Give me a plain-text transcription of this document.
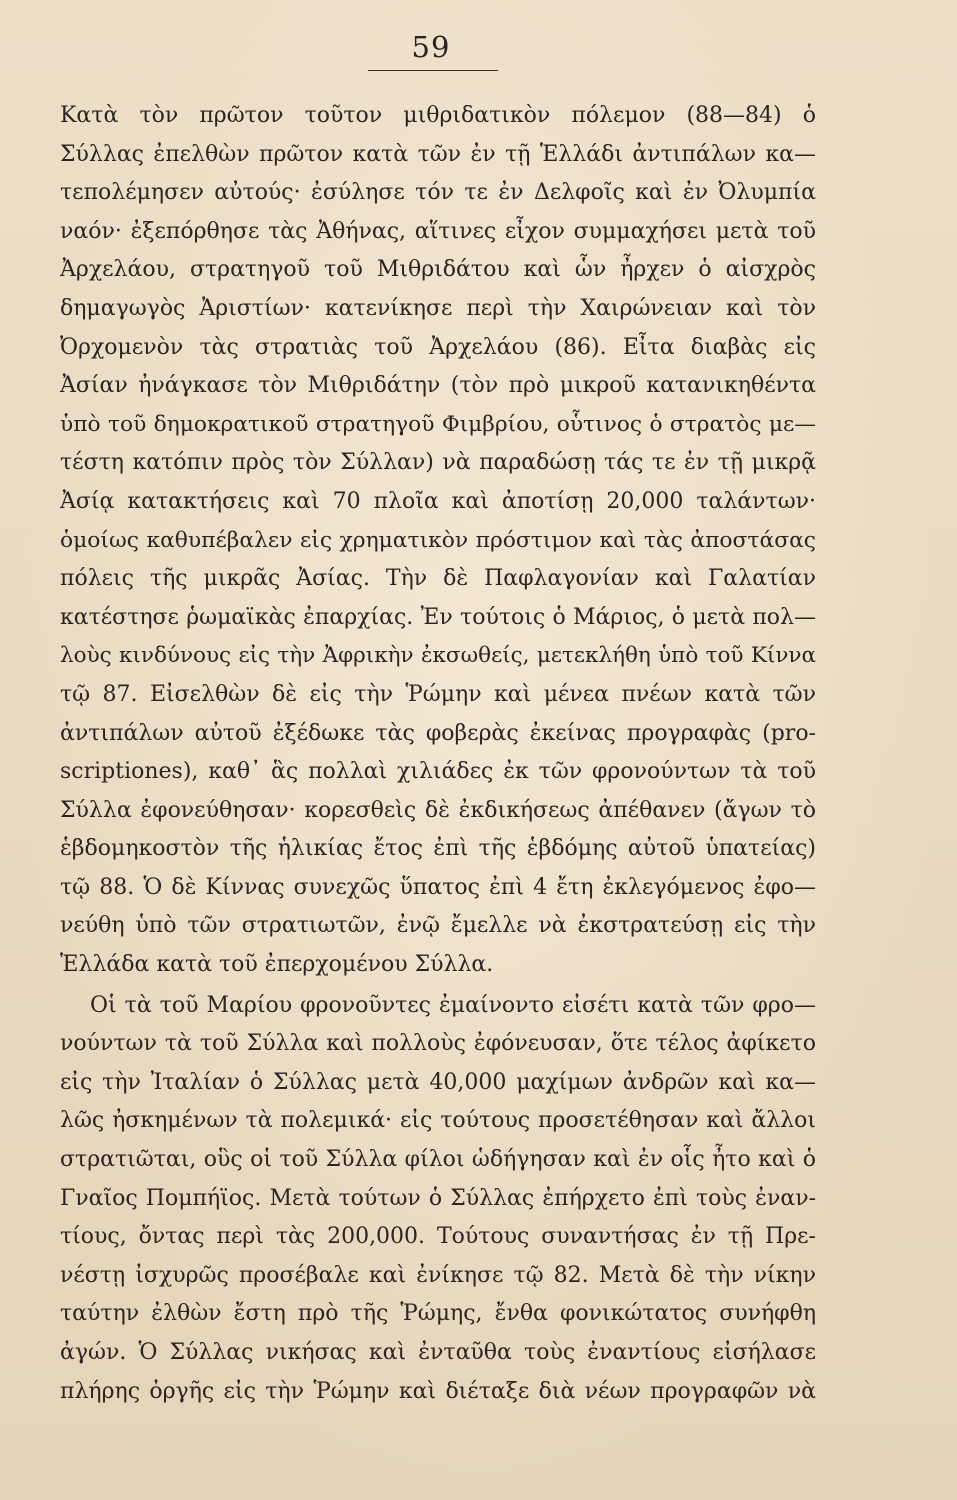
59
Κατὰ τὸν πρῶτον τοῦτον μιθριδατικὸν πόλεμον (88—84) ὁ
Σύλλας ἐπελθὼν πρῶτον κατὰ τῶν ἐν τῇ Ἑλλάδι ἀντιπάλων κα—
τεπολέμησεν αὐτούς· ἐσύλησε τόν τε ἐν Δελφοῖς καὶ ἐν Ὀλυμπία
ναόν· ἐξεπόρθησε τὰς Ἀθήνας, αἵτινες εἶχον συμμαχήσει μετὰ τοῦ
Ἀρχελάου, στρατηγοῦ τοῦ Μιθριδάτου καὶ ὧν ἦρχεν ὁ αἰσχρὸς
δημαγωγὸς Ἀριστίων· κατενίκησε περὶ τὴν Χαιρώνειαν καὶ τὸν
Ὀρχομενὸν τὰς στρατιὰς τοῦ Ἀρχελάου (86). Εἶτα διαβὰς εἰς
Ἀσίαν ἠνάγκασε τὸν Μιθριδάτην (τὸν πρὸ μικροῦ κατανικηθέντα
ὑπὸ τοῦ δημοκρατικοῦ στρατηγοῦ Φιμβρίου, οὗτινος ὁ στρατὸς με—
τέστη κατόπιν πρὸς τὸν Σύλλαν) νὰ παραδώσῃ τάς τε ἐν τῇ μικρᾷ
Ἀσίᾳ κατακτήσεις καὶ 70 πλοῖα καὶ ἀποτίσῃ 20,000 ταλάντων·
ὁμοίως καθυπέβαλεν εἰς χρηματικὸν πρόστιμον καὶ τὰς ἀποστάσας
πόλεις τῆς μικρᾶς Ἀσίας. Τὴν δὲ Παφλαγονίαν καὶ Γαλατίαν
κατέστησε ῥωμαϊκὰς ἐπαρχίας. Ἐν τούτοις ὁ Μάριος, ὁ μετὰ πολ—
λοὺς κινδύνους εἰς τὴν Ἀφρικὴν ἐκσωθείς, μετεκλήθη ὑπὸ τοῦ Κίννα
τῷ 87. Εἰσελθὼν δὲ εἰς τὴν Ῥώμην καὶ μένεα πνέων κατὰ τῶν
ἀντιπάλων αὐτοῦ ἐξέδωκε τὰς φοβερὰς ἐκείνας προγραφὰς (pro-
scriptiones), καθ᾽ ἃς πολλαὶ χιλιάδες ἐκ τῶν φρονούντων τὰ τοῦ
Σύλλα ἐφονεύθησαν· κορεσθεὶς δὲ ἐκδικήσεως ἀπέθανεν (ἄγων τὸ
ἑβδομηκοστὸν τῆς ἡλικίας ἔτος ἐπὶ τῆς ἑβδόμης αὐτοῦ ὑπατείας)
τῷ 88. Ὁ δὲ Κίννας συνεχῶς ὕπατος ἐπὶ 4 ἔτη ἐκλεγόμενος ἐφο—
νεύθη ὑπὸ τῶν στρατιωτῶν, ἐνῷ ἔμελλε νὰ ἐκστρατεύσῃ εἰς τὴν
Ἑλλάδα κατὰ τοῦ ἐπερχομένου Σύλλα.
Οἱ τὰ τοῦ Μαρίου φρονοῦντες ἐμαίνοντο εἰσέτι κατὰ τῶν φρο—
νούντων τὰ τοῦ Σύλλα καὶ πολλοὺς ἐφόνευσαν, ὅτε τέλος ἀφίκετο
εἰς τὴν Ἰταλίαν ὁ Σύλλας μετὰ 40,000 μαχίμων ἀνδρῶν καὶ κα—
λῶς ἠσκημένων τὰ πολεμικά· εἰς τούτους προσετέθησαν καὶ ἄλλοι
στρατιῶται, οὓς οἱ τοῦ Σύλλα φίλοι ὡδήγησαν καὶ ἐν οἷς ἦτο καὶ ὁ
Γναῖος Πομπήϊος. Μετὰ τούτων ὁ Σύλλας ἐπήρχετο ἐπὶ τοὺς ἐναν-
τίους, ὄντας περὶ τὰς 200,000. Τούτους συναντήσας ἐν τῇ Πρε-
νέστῃ ἰσχυρῶς προσέβαλε καὶ ἐνίκησε τῷ 82. Μετὰ δὲ τὴν νίκην
ταύτην ἐλθὼν ἔστη πρὸ τῆς Ῥώμης, ἔνθα φονικώτατος συνήφθη
ἀγών. Ὁ Σύλλας νικήσας καὶ ἐνταῦθα τοὺς ἐναντίους εἰσήλασε
πλήρης ὀργῆς εἰς τὴν Ῥώμην καὶ διέταξε διὰ νέων προγραφῶν νὰ
